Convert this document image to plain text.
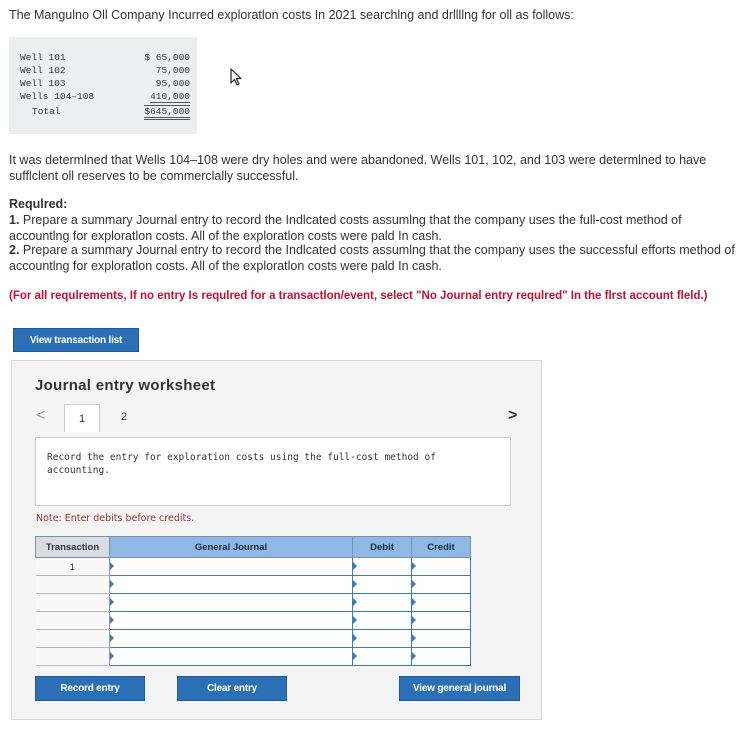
The Mangulno Oll Company Incurred exploratlon costs In 2021 searchlng and drllllng for oll as follows:
Well 101	$ 65,000
Well 102	75,000
Well 103	95,000
Wells 104–108	410,000
Total	$645,000
It was determlned that Wells 104–108 were dry holes and were abandoned. Wells 101, 102, and 103 were determlned to have sufflclent oll reserves to be commerclally successful.
Requlred:
1. Prepare a summary Journal entry to record the Indlcated costs assumlng that the company uses the full-cost method of accountlng for exploratlon costs. All of the exploratlon costs were pald In cash.
2. Prepare a summary Journal entry to record the Indlcated costs assumlng that the company uses the successful efforts method of accountlng for exploratlon costs. All of the exploratlon costs were pald In cash.
(For all requlrements, If no entry Is requlred for a transactlon/event, select "No Journal entry requlred" In the flrst account fleld.)
View transaction list
Journal entry worksheet
<	1	2	>
Record the entry for exploration costs using the full-cost method of accounting.
Note: Enter debits before credits.
Transaction	General Journal	Debit	Credit
1			

Record entry	Clear entry	View general journal
